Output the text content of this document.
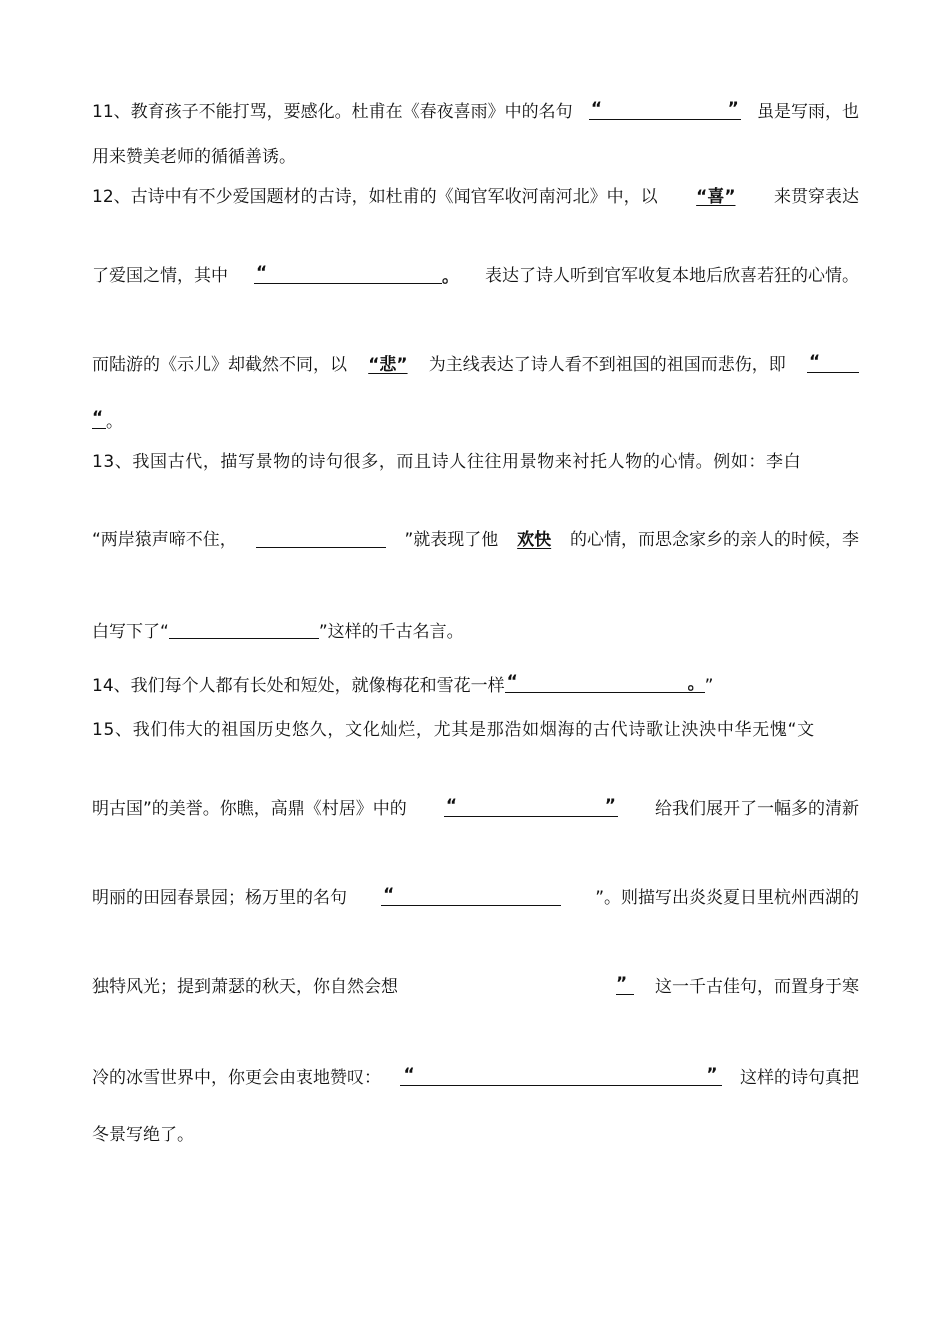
11、教育孩子不能打骂，要感化。杜甫在《春夜喜雨》中的名句 “	” 虽是写雨，也
用来赞美老师的循循善诱。
12、古诗中有不少爱国题材的古诗，如杜甫的《闻官军收河南河北》中，以 “喜” 来贯穿表达
了爱国之情，其中 “	。 表达了诗人听到官军收复本地后欣喜若狂的心情。
而陆游的《示儿》却截然不同，以 “悲” 为主线表达了诗人看不到祖国的祖国而悲伤，即 “
“ 。
13、我国古代，描写景物的诗句很多，而且诗人往往用景物来衬托人物的心情。例如：李白
“两岸猿声啼不住，	”就表现了他 欢快 的心情，而思念家乡的亲人的时候，李
白写下了“	”这样的千古名言。
14、我们每个人都有长处和短处，就像梅花和雪花一样 “	。 ”
15、我们伟大的祖国历史悠久，文化灿烂，尤其是那浩如烟海的古代诗歌让泱泱中华无愧“文
明古国”的美誉。你瞧，高鼎《村居》中的 “	” 给我们展开了一幅多的清新
明丽的田园春景园；杨万里的名句 “	”。则描写出炎炎夏日里杭州西湖的
独特风光；提到萧瑟的秋天，你自然会想	” 这一千古佳句，而置身于寒
冷的冰雪世界中，你更会由衷地赞叹： “	” 这样的诗句真把
冬景写绝了。
